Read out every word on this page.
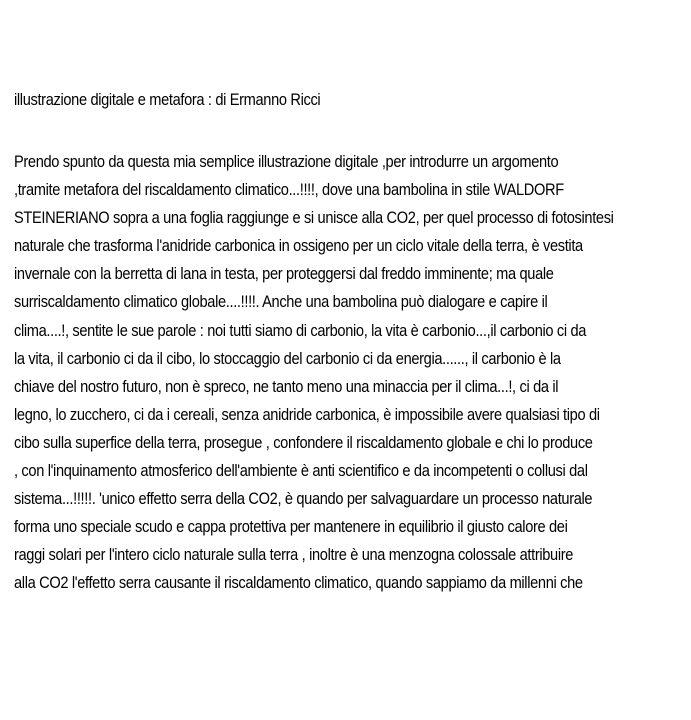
illustrazione digitale e metafora : di Ermanno Ricci
Prendo spunto da questa mia semplice illustrazione digitale ,per introdurre un argomento
,tramite metafora del riscaldamento climatico...!!!!, dove una bambolina in stile WALDORF
STEINERIANO sopra a una foglia raggiunge e si unisce alla CO2, per quel processo di fotosintesi
naturale che trasforma l'anidride carbonica in ossigeno per un ciclo vitale della terra, è vestita
invernale con la berretta di lana in testa, per proteggersi dal freddo imminente; ma quale
surriscaldamento climatico globale....!!!!. Anche una bambolina può dialogare e capire il
clima....!, sentite le sue parole : noi tutti siamo di carbonio, la vita è carbonio...,il carbonio ci da
la vita, il carbonio ci da il cibo, lo stoccaggio del carbonio ci da energia......, il carbonio è la
chiave del nostro futuro, non è spreco, ne tanto meno una minaccia per il clima...!, ci da il
legno, lo zucchero, ci da i cereali, senza anidride carbonica, è impossibile avere qualsiasi tipo di
cibo sulla superfice della terra, prosegue , confondere il riscaldamento globale e chi lo produce
, con l'inquinamento atmosferico dell'ambiente è anti scientifico e da incompetenti o collusi dal
sistema...!!!!!. 'unico effetto serra della CO2, è quando per salvaguardare un processo naturale
forma uno speciale scudo e cappa protettiva per mantenere in equilibrio il giusto calore dei
raggi solari per l'intero ciclo naturale sulla terra , inoltre è una menzogna colossale attribuire
alla CO2 l'effetto serra causante il riscaldamento climatico, quando sappiamo da millenni che
